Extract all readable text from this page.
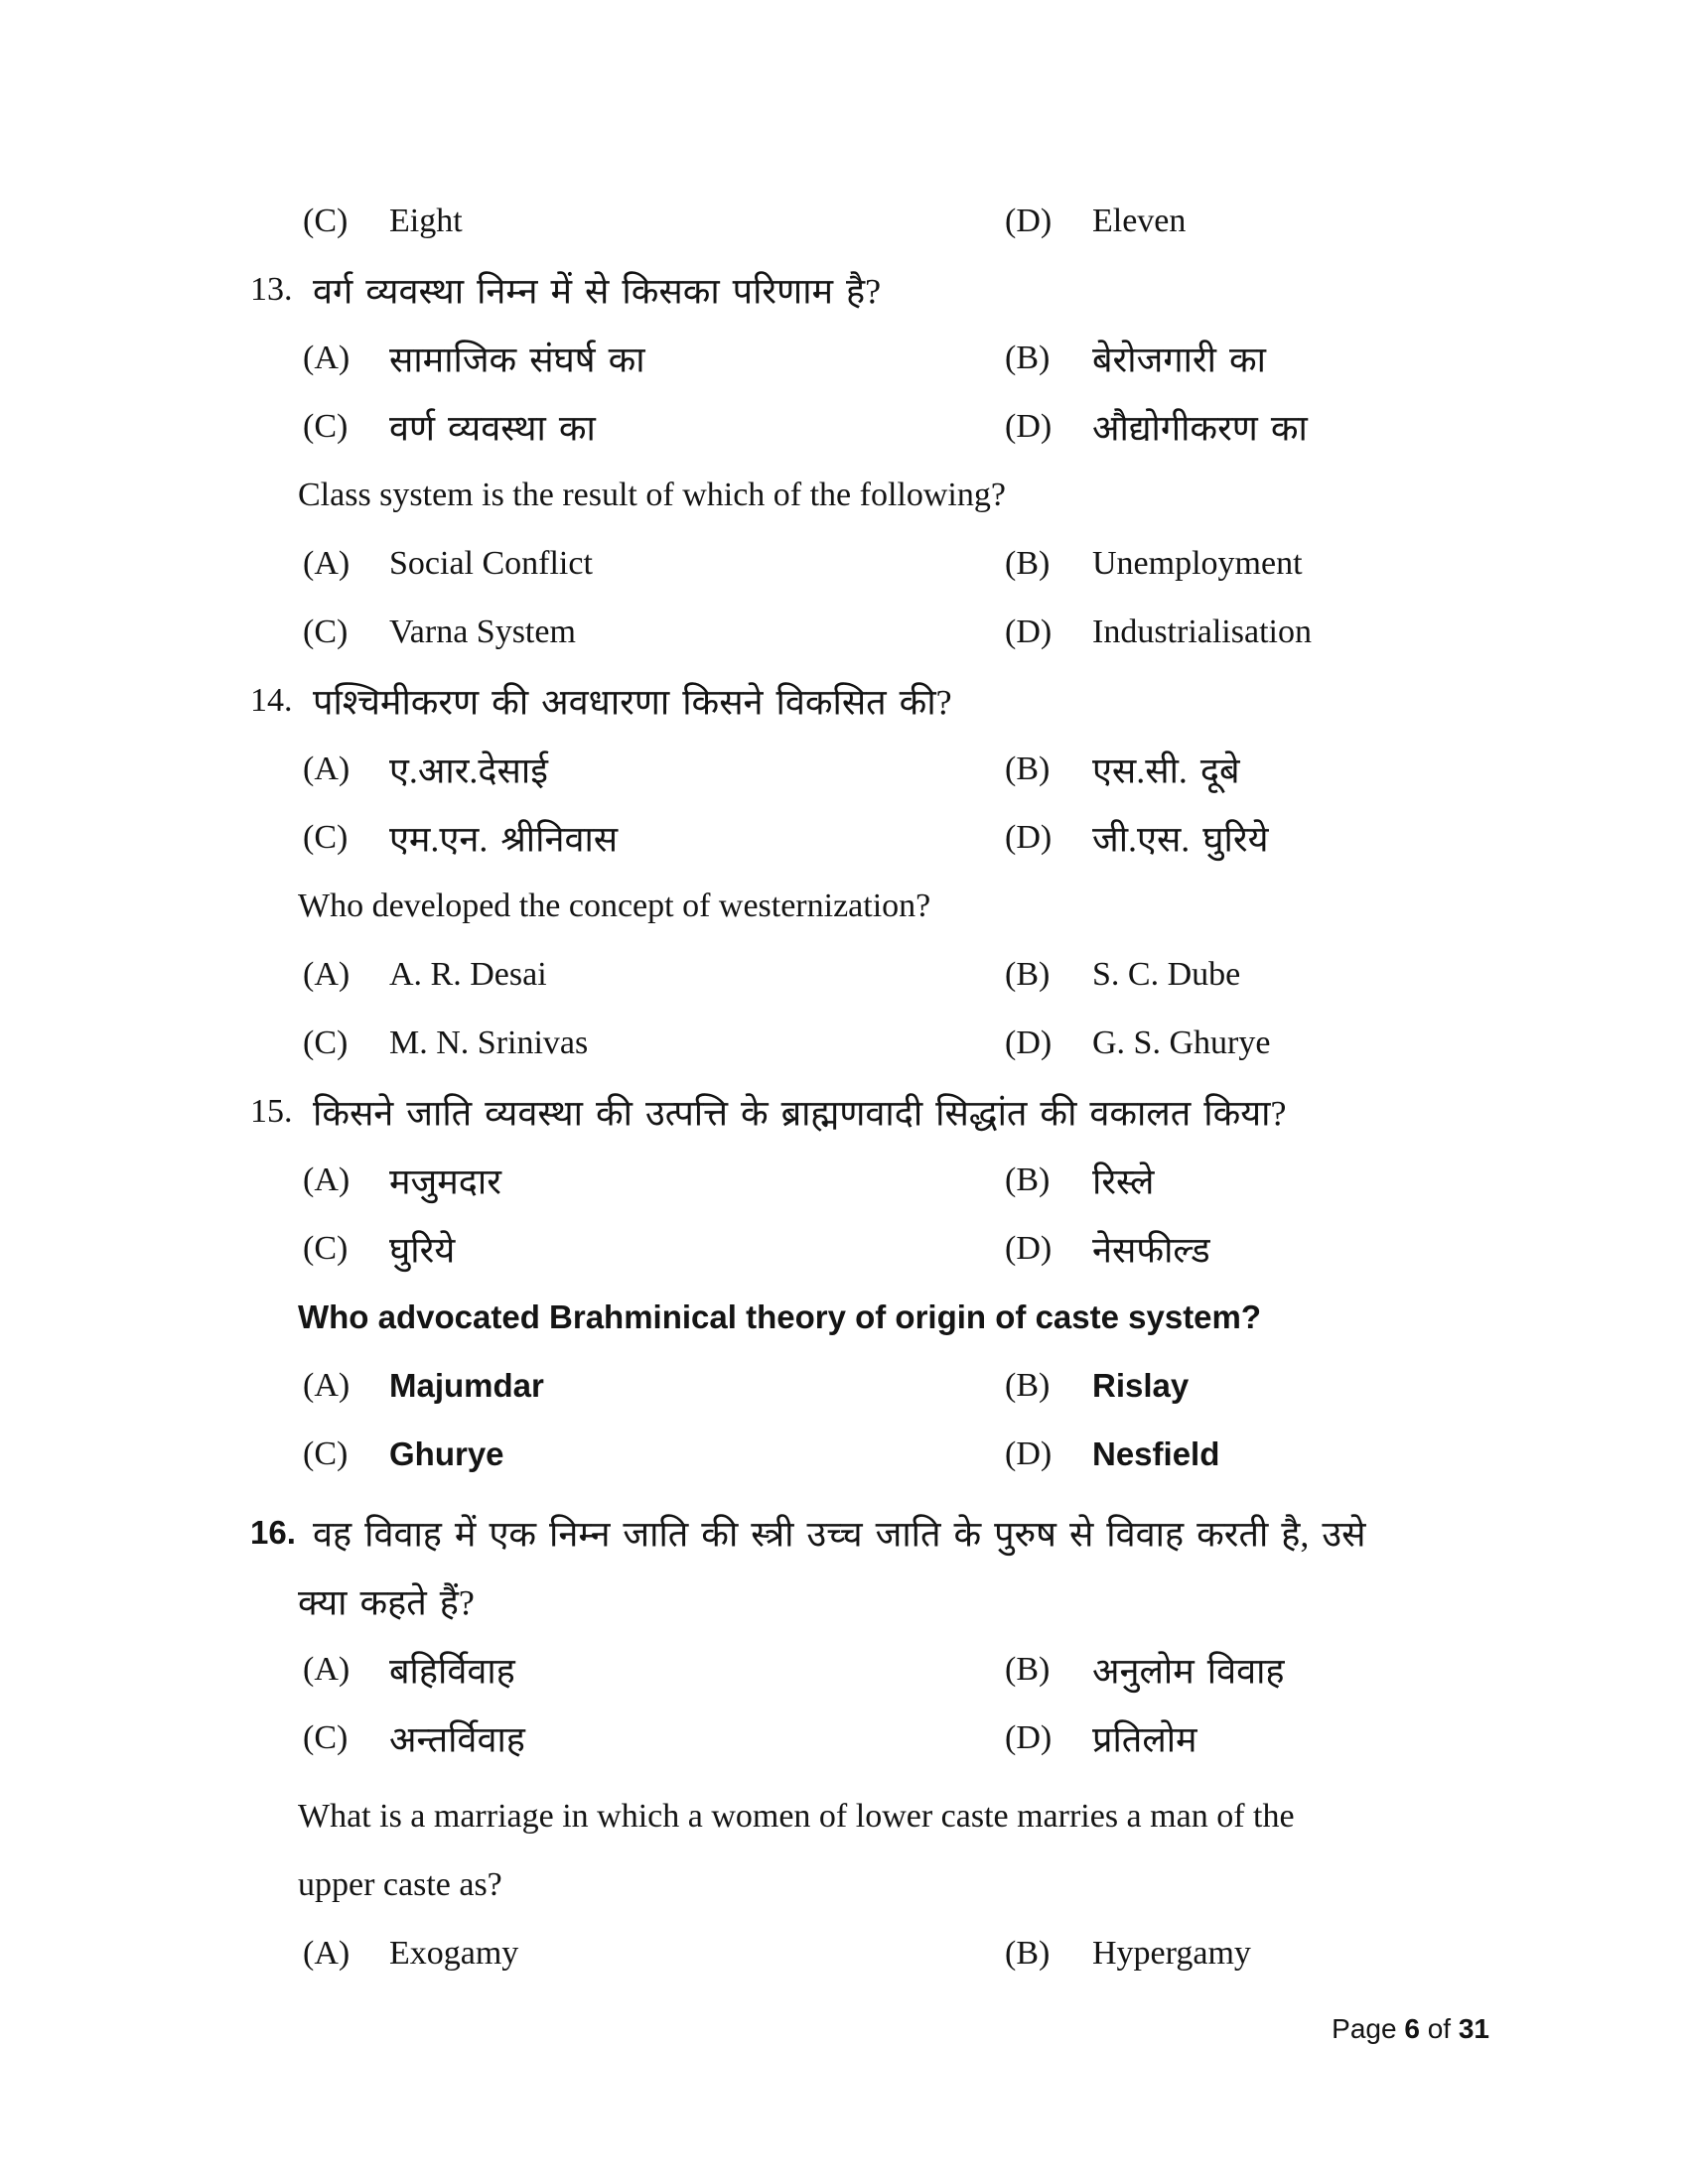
(C) Eight	(D) Eleven
13. वर्ग व्यवस्था निम्न में से किसका परिणाम है?
(A) सामाजिक संघर्ष का	(B) बेरोजगारी का
(C) वर्ण व्यवस्था का	(D) औद्योगीकरण का
Class system is the result of which of the following?
(A) Social Conflict	(B) Unemployment
(C) Varna System	(D) Industrialisation
14. पश्चिमीकरण की अवधारणा किसने विकसित की?
(A) ए.आर.देसाई	(B) एस.सी. दूबे
(C) एम.एन. श्रीनिवास	(D) जी.एस. घुरिये
Who developed the concept of westernization?
(A) A. R. Desai	(B) S. C. Dube
(C) M. N. Srinivas	(D) G. S. Ghurye
15. किसने जाति व्यवस्था की उत्पत्ति के ब्राह्मणवादी सिद्धांत की वकालत किया?
(A) मजुमदार	(B) रिस्ले
(C) घुरिये	(D) नेसफील्ड
Who advocated Brahminical theory of origin of caste system?
(A) Majumdar	(B) Rislay
(C) Ghurye	(D) Nesfield
16. वह विवाह में एक निम्न जाति की स्त्री उच्च जाति के पुरुष से विवाह करती है, उसे
क्या कहते हैं?
(A) बहिर्विवाह	(B) अनुलोम विवाह
(C) अन्तर्विवाह	(D) प्रतिलोम
What is a marriage in which a women of lower caste marries a man of the
upper caste as?
(A) Exogamy	(B) Hypergamy
Page 6 of 31
